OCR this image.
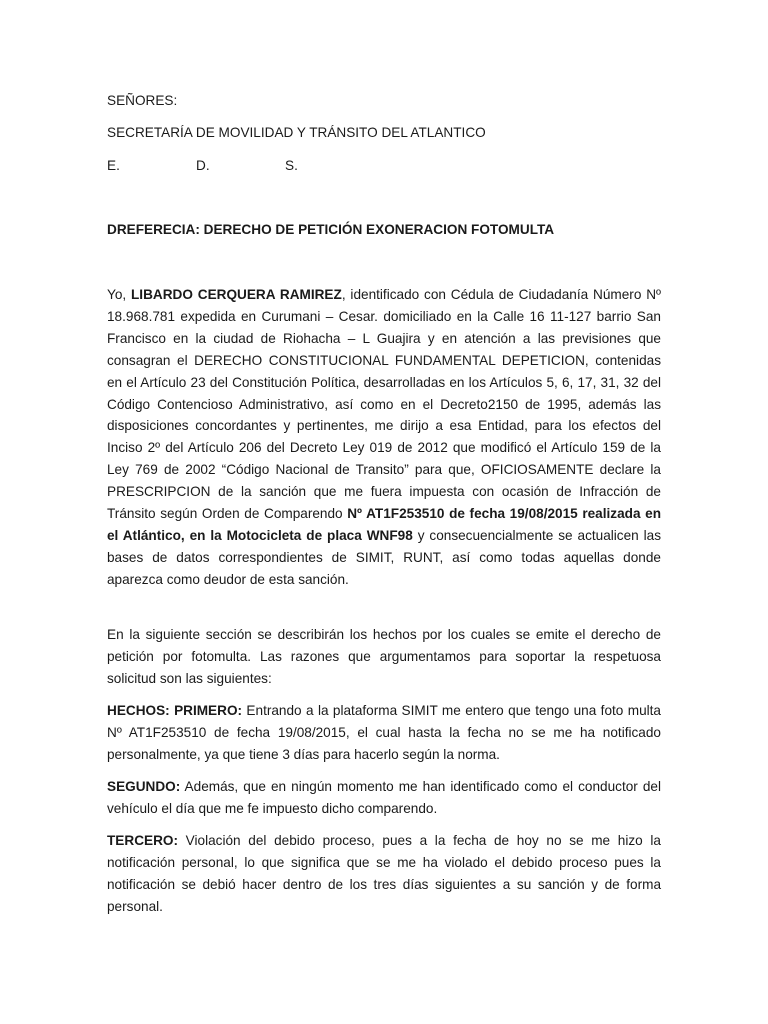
SEÑORES:
SECRETARÍA DE MOVILIDAD Y TRÁNSITO DEL ATLANTICO
E.	D.	S.
DREFERECIA: DERECHO DE PETICIÓN EXONERACION FOTOMULTA

Yo, LIBARDO CERQUERA RAMIREZ, identificado con Cédula de Ciudadanía Número Nº 18.968.781 expedida en Curumani – Cesar. domiciliado en la Calle 16 11-127 barrio San Francisco en la ciudad de Riohacha – L Guajira y en atención a las previsiones que consagran el DERECHO CONSTITUCIONAL FUNDAMENTAL DEPETICION, contenidas en el Artículo 23 del Constitución Política, desarrolladas en los Artículos 5, 6, 17, 31, 32 del Código Contencioso Administrativo, así como en el Decreto2150 de 1995, además las disposiciones concordantes y pertinentes, me dirijo a esa Entidad, para los efectos del Inciso 2º del Artículo 206 del Decreto Ley 019 de 2012 que modificó el Artículo 159 de la Ley 769 de 2002 “Código Nacional de Transito” para que, OFICIOSAMENTE declare la PRESCRIPCION de la sanción que me fuera impuesta con ocasión de Infracción de Tránsito según Orden de Comparendo Nº AT1F253510 de fecha 19/08/2015 realizada en el Atlántico, en la Motocicleta de placa WNF98 y consecuencialmente se actualicen las bases de datos correspondientes de SIMIT, RUNT, así como todas aquellas donde aparezca como deudor de esta sanción.

En la siguiente sección se describirán los hechos por los cuales se emite el derecho de petición por fotomulta. Las razones que argumentamos para soportar la respetuosa solicitud son las siguientes:

HECHOS: PRIMERO: Entrando a la plataforma SIMIT me entero que tengo una foto multa Nº AT1F253510 de fecha 19/08/2015, el cual hasta la fecha no se me ha notificado personalmente, ya que tiene 3 días para hacerlo según la norma.

SEGUNDO: Además, que en ningún momento me han identificado como el conductor del vehículo el día que me fe impuesto dicho comparendo.

TERCERO: Violación del debido proceso, pues a la fecha de hoy no se me hizo la notificación personal, lo que significa que se me ha violado el debido proceso pues la notificación se debió hacer dentro de los tres días siguientes a su sanción y de forma personal.
